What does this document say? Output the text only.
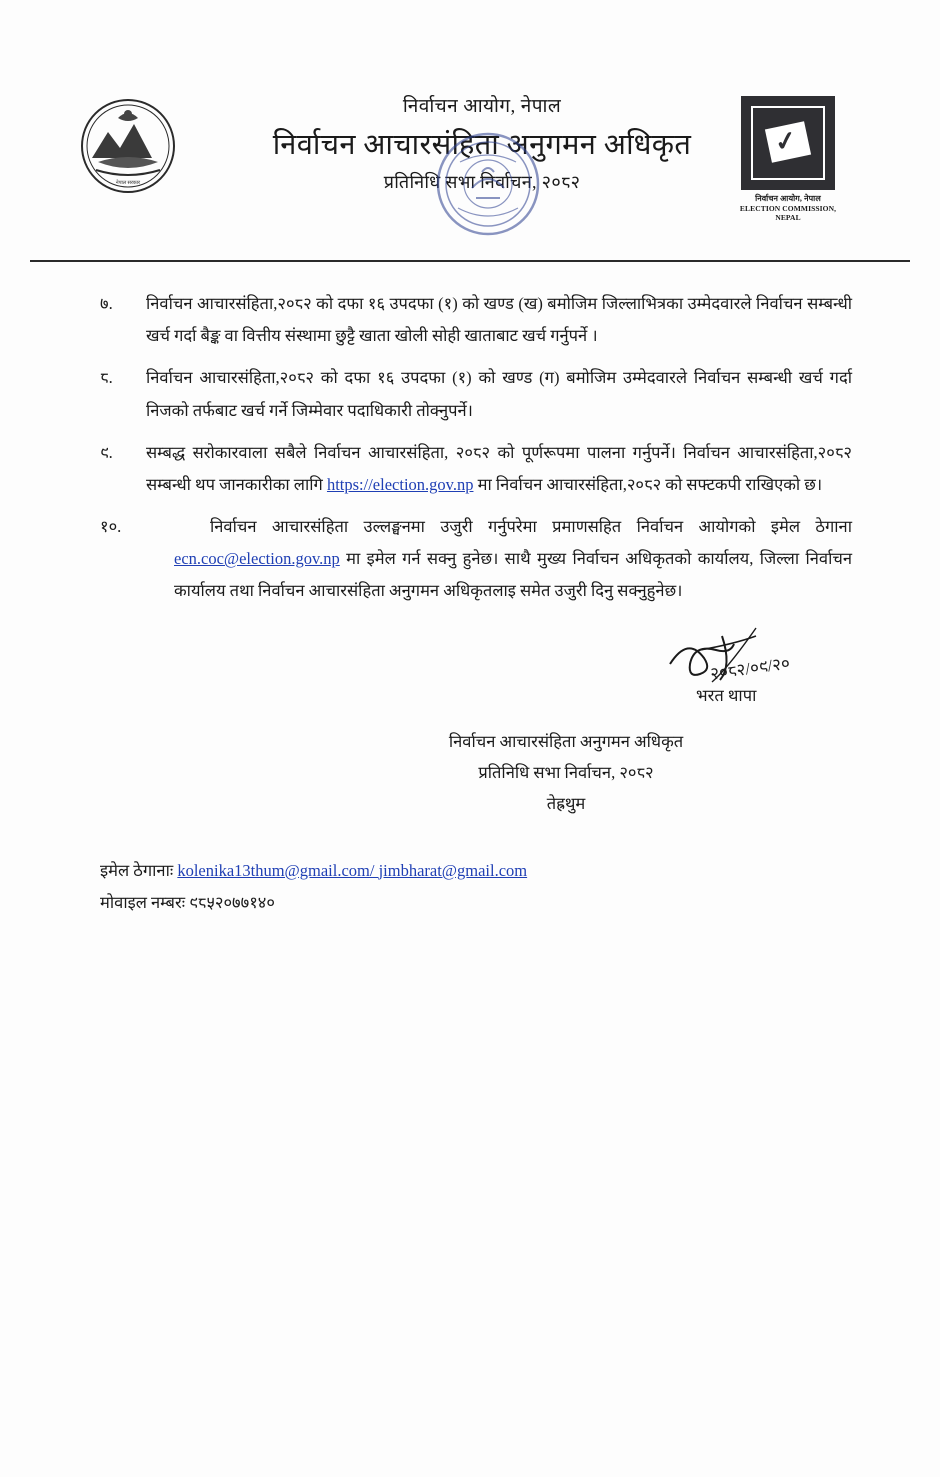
नेपाल सरकार
निर्वाचन आयोग, नेपाल
निर्वाचन आचारसंहिता अनुगमन अधिकृत
प्रतिनिधि सभा निर्वाचन, २०८२
✓
निर्वाचन आयोग, नेपाल
ELECTION COMMISSION, NEPAL
७.	निर्वाचन आचारसंहिता,२०८२ को दफा १६ उपदफा (१) को खण्ड (ख) बमोजिम जिल्लाभित्रका उम्मेदवारले निर्वाचन सम्बन्धी खर्च गर्दा बैङ्क वा वित्तीय संस्थामा छुट्टै खाता खोली सोही खाताबाट खर्च गर्नुपर्ने ।
८.	निर्वाचन आचारसंहिता,२०८२ को दफा १६ उपदफा (१) को खण्ड (ग) बमोजिम उम्मेदवारले निर्वाचन सम्बन्धी खर्च गर्दा निजको तर्फबाट खर्च गर्ने जिम्मेवार पदाधिकारी तोक्नुपर्ने।
९.	सम्बद्ध सरोकारवाला सबैले निर्वाचन आचारसंहिता, २०८२ को पूर्णरूपमा पालना गर्नुपर्ने। निर्वाचन आचारसंहिता,२०८२ सम्बन्धी थप जानकारीका लागि https://election.gov.np मा निर्वाचन आचारसंहिता,२०८२ को सफ्टकपी राखिएको छ।
१०.	निर्वाचन आचारसंहिता उल्लङ्घनमा उजुरी गर्नुपरेमा प्रमाणसहित निर्वाचन आयोगको इमेल ठेगाना ecn.coc@election.gov.np मा इमेल गर्न सक्नु हुनेछ। साथै मुख्य निर्वाचन अधिकृतको कार्यालय, जिल्ला निर्वाचन कार्यालय तथा निर्वाचन आचारसंहिता अनुगमन अधिकृतलाइ समेत उजुरी दिनु सक्नुहुनेछ।
२०८२/०९/२०
भरत थापा
निर्वाचन आचारसंहिता अनुगमन अधिकृत
प्रतिनिधि सभा निर्वाचन, २०८२
तेह्रथुम
इमेल ठेगानाः kolenika13thum@gmail.com/ jimbharat@gmail.com
मोवाइल नम्बरः ९८५२०७७१४०
